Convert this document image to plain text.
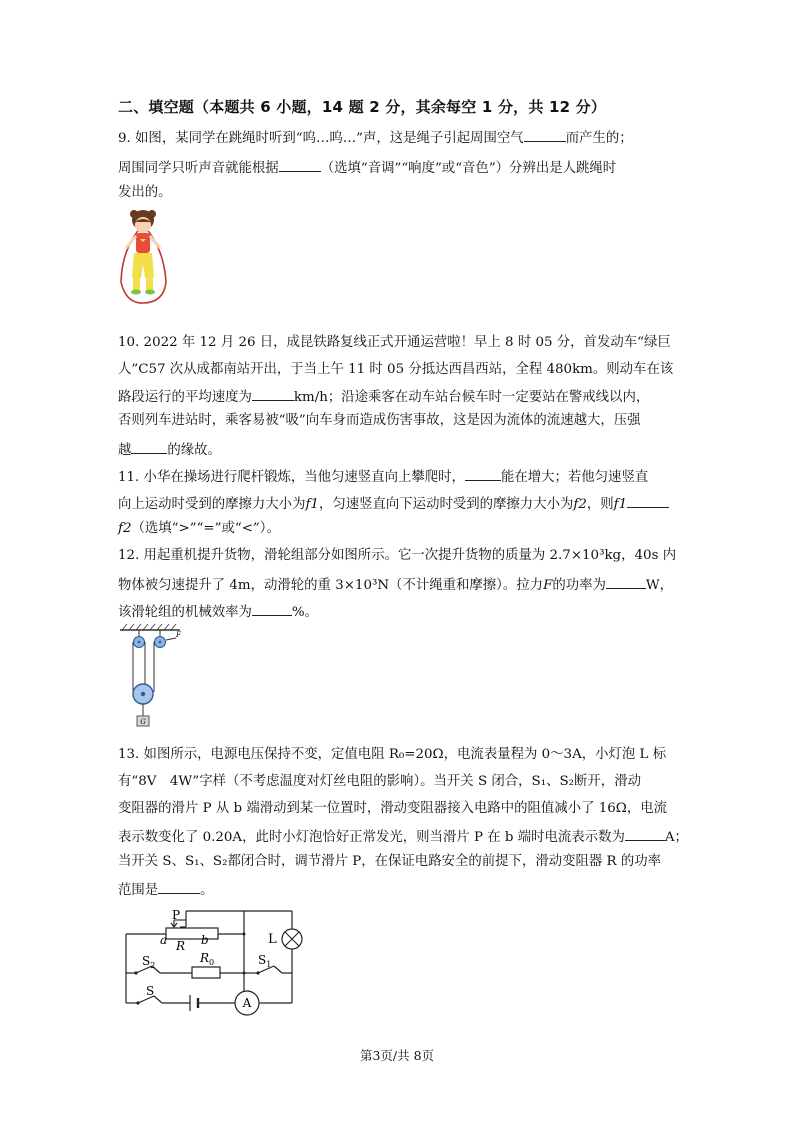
二、填空题（本题共 6 小题，14 题 2 分，其余每空 1 分，共 12 分）
9. 如图，某同学在跳绳时听到“呜…呜…”声，这是绳子引起周围空气	而产生的；
周围同学只听声音就能根据	（选填“音调”“响度”或“音色”）分辨出是人跳绳时
发出的。
10. 2022 年 12 月 26 日，成昆铁路复线正式开通运营啦！早上 8 时 05 分，首发动车“绿巨
人”C57 次从成都南站开出，于当上午 11 时 05 分抵达西昌西站，全程 480km。则动车在该
路段运行的平均速度为	km/h；沿途乘客在动车站台候车时一定要站在警戒线以内，
否则列车进站时，乘客易被“吸”向车身而造成伤害事故，这是因为流体的流速越大，压强
越	的缘故。
11. 小华在操场进行爬杆锻炼，当他匀速竖直向上攀爬时，	能在增大；若他匀速竖直
向上运动时受到的摩擦力大小为f1，匀速竖直向下运动时受到的摩擦力大小为f2，则f1
f2（选填“>”“=”或“<”）。
12. 用起重机提升货物，滑轮组部分如图所示。它一次提升货物的质量为 2.7×10³kg，40s 内
物体被匀速提升了 4m，动滑轮的重 3×10³N（不计绳重和摩擦）。拉力F的功率为	W，
该滑轮组的机械效率为	%。
F
G
13. 如图所示，电源电压保持不变，定值电阻 R₀=20Ω，电流表量程为 0～3A，小灯泡 L 标
有“8V　4W”字样（不考虑温度对灯丝电阻的影响）。当开关 S 闭合，S₁、S₂断开，滑动
变阻器的滑片 P 从 b 端滑动到某一位置时，滑动变阻器接入电路中的阻值减小了 16Ω，电流
表示数变化了 0.20A，此时小灯泡恰好正常发光，则当滑片 P 在 b 端时电流表示数为	A；
当开关 S、S₁、S₂都闭合时，调节滑片 P，在保证电路安全的前提下，滑动变阻器 R 的功率
范围是	。
P
a R b	L
$S_2$
$R_0$	$S_1$
S
A
第3页/共 8页
